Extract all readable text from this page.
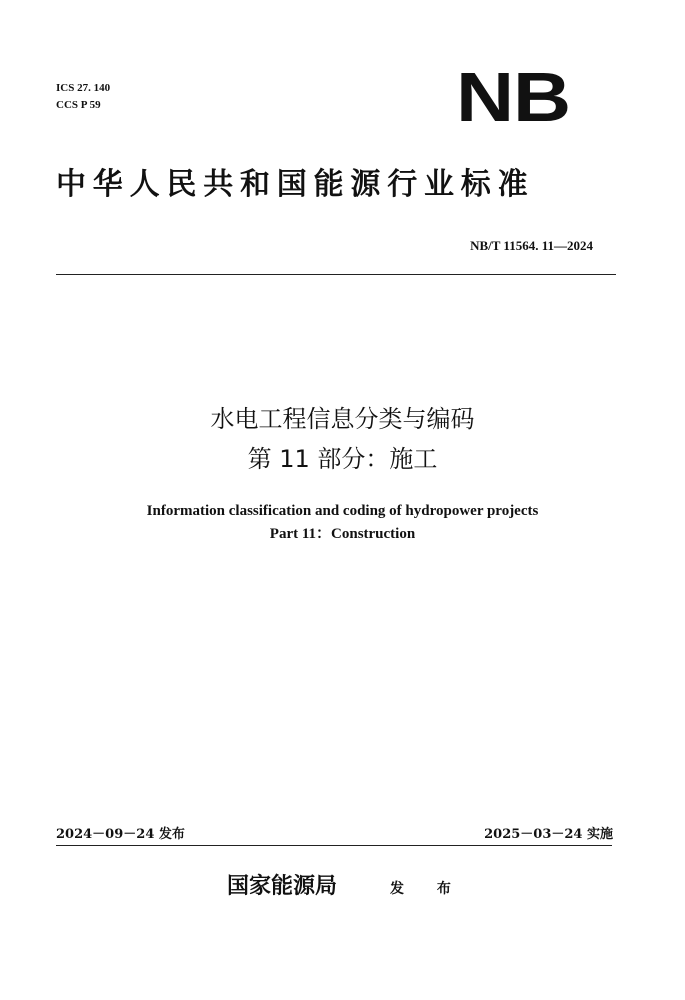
ICS 27. 140
CCS P 59	NB
中华人民共和国能源行业标准
NB/T 11564. 11—2024
水电工程信息分类与编码
第 11 部分：施工
Information classification and coding of hydropower projects
Part 11：Construction
2024－09－24 发布	2025－03－24 实施
国家能源局	发 布
